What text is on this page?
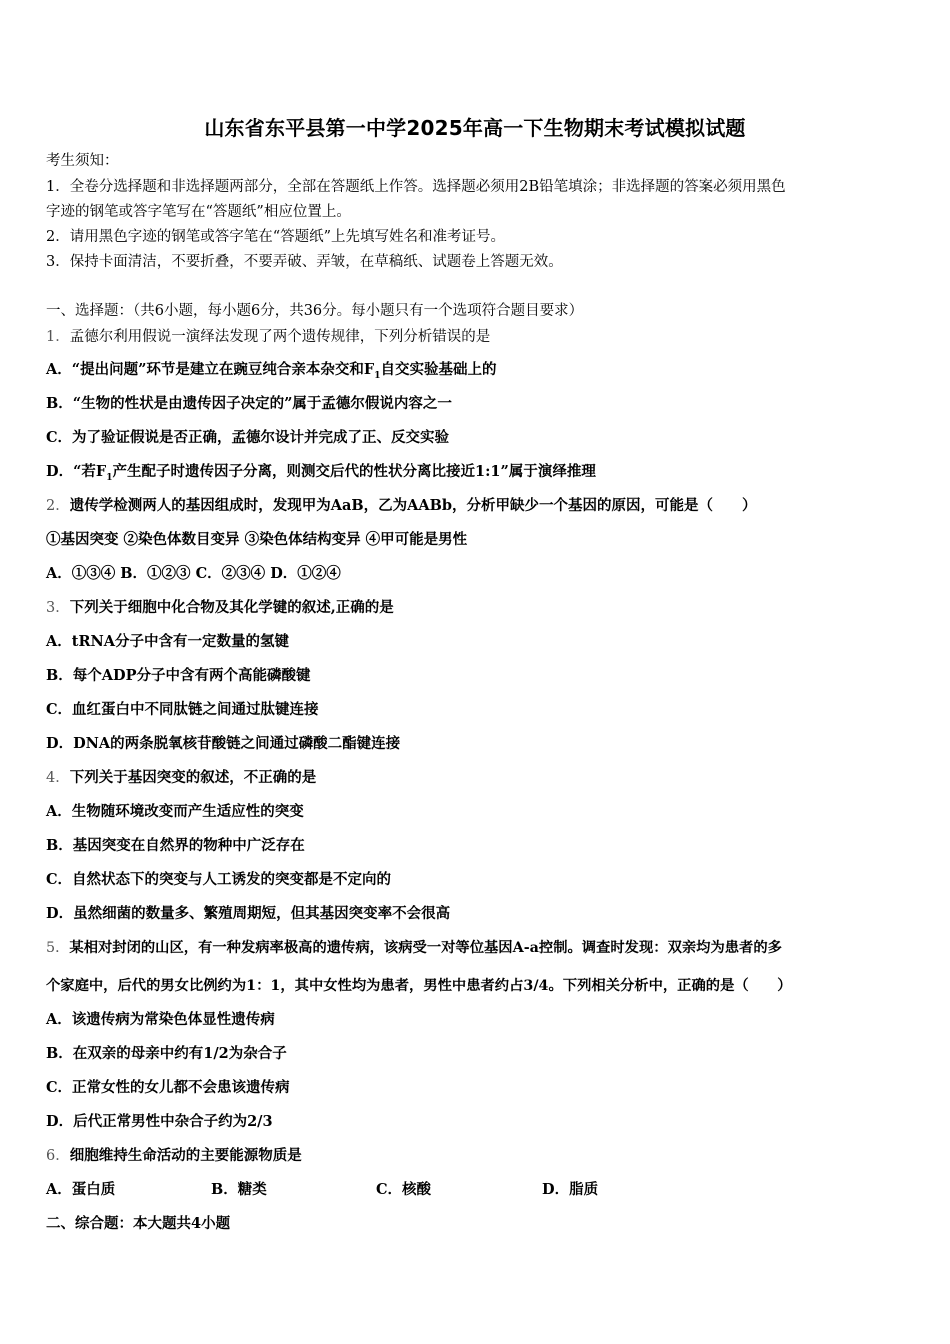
山东省东平县第一中学2025年高一下生物期末考试模拟试题
考生须知：
1．全卷分选择题和非选择题两部分，全部在答题纸上作答。选择题必须用2B铅笔填涂；非选择题的答案必须用黑色
字迹的钢笔或答字笔写在“答题纸”相应位置上。
2．请用黑色字迹的钢笔或答字笔在“答题纸”上先填写姓名和准考证号。
3．保持卡面清洁，不要折叠，不要弄破、弄皱，在草稿纸、试题卷上答题无效。
一、选择题：（共6小题，每小题6分，共36分。每小题只有一个选项符合题目要求）
1．孟德尔利用假说一演绎法发现了两个遗传规律，下列分析错误的是
A．“提出问题”环节是建立在豌豆纯合亲本杂交和$F_1$自交实验基础上的
B．“生物的性状是由遗传因子决定的”属于孟德尔假说内容之一
C．为了验证假说是否正确，孟德尔设计并完成了正、反交实验
D．“若$F_1$产生配子时遗传因子分离，则测交后代的性状分离比接近1:1”属于演绎推理
2．遗传学检测两人的基因组成时，发现甲为AaB，乙为AABb，分析甲缺少一个基因的原因，可能是（　　）
①基因突变 ②染色体数目变异 ③染色体结构变异 ④甲可能是男性
A．①③④ B．①②③ C．②③④ D．①②④
3．下列关于细胞中化合物及其化学键的叙述,正确的是
A．tRNA分子中含有一定数量的氢键
B．每个ADP分子中含有两个高能磷酸键
C．血红蛋白中不同肽链之间通过肽键连接
D．DNA的两条脱氧核苷酸链之间通过磷酸二酯键连接
4．下列关于基因突变的叙述，不正确的是
A．生物随环境改变而产生适应性的突变
B．基因突变在自然界的物种中广泛存在
C．自然状态下的突变与人工诱发的突变都是不定向的
D．虽然细菌的数量多、繁殖周期短，但其基因突变率不会很高
5．某相对封闭的山区，有一种发病率极高的遗传病，该病受一对等位基因A-a控制。调查时发现：双亲均为患者的多
个家庭中，后代的男女比例约为1：1，其中女性均为患者，男性中患者约占3/4。下列相关分析中，正确的是（　　）
A．该遗传病为常染色体显性遗传病
B．在双亲的母亲中约有1/2为杂合子
C．正常女性的女儿都不会患该遗传病
D．后代正常男性中杂合子约为2/3
6．细胞维持生命活动的主要能源物质是
A．蛋白质	B．糖类	C．核酸	D．脂质
二、综合题：本大题共4小题
